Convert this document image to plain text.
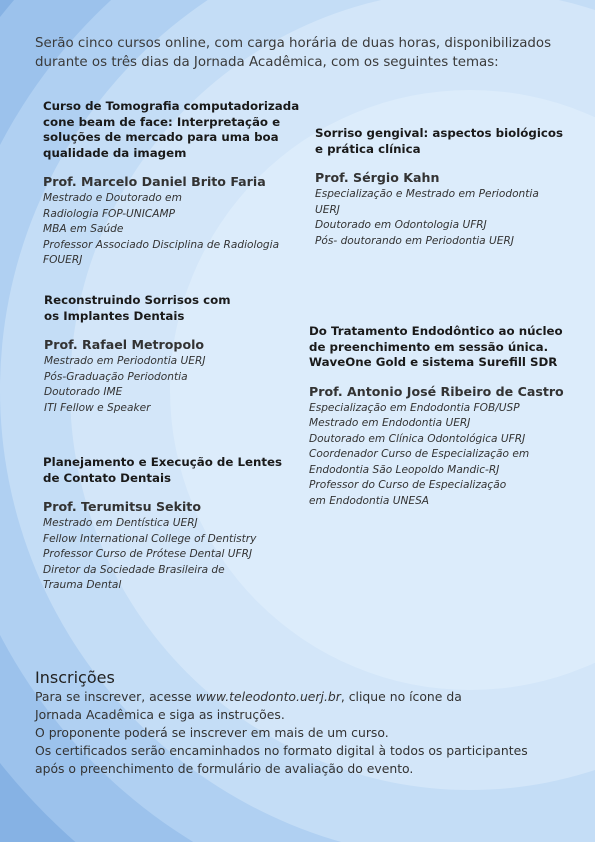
Serão cinco cursos online, com carga horária de duas horas, disponibilizados durante os três dias da Jornada Acadêmica, com os seguintes temas:

Curso de Tomografia computadorizada
cone beam de face: Interpretação e
soluções de mercado para uma boa
qualidade da imagem
Prof. Marcelo Daniel Brito Faria
Mestrado e Doutorado em
Radiologia FOP-UNICAMP
MBA em Saúde
Professor Associado Disciplina de Radiologia
FOUERJ
Sorriso gengival: aspectos biológicos
e prática clínica
Prof. Sérgio Kahn
Especialização e Mestrado em Periodontia
UERJ
Doutorado em Odontologia UFRJ
Pós- doutorando em Periodontia UERJ
Reconstruindo Sorrisos com
os Implantes Dentais
Prof. Rafael Metropolo
Mestrado em Periodontia UERJ
Pós-Graduação Periodontia
Doutorado IME
ITI Fellow e Speaker
Do Tratamento Endodôntico ao núcleo
de preenchimento em sessão única.
WaveOne Gold e sistema Surefill SDR
Prof. Antonio José Ribeiro de Castro
Especialização em Endodontia FOB/USP
Mestrado em Endodontia UERJ
Doutorado em Clínica Odontológica UFRJ
Coordenador Curso de Especialização em
Endodontia São Leopoldo Mandic-RJ
Professor do Curso de Especialização
em Endodontia UNESA
Planejamento e Execução de Lentes
de Contato Dentais
Prof. Terumitsu Sekito
Mestrado em Dentística UERJ
Fellow International College of Dentistry
Professor Curso de Prótese Dental UFRJ
Diretor da Sociedade Brasileira de
Trauma Dental
Inscrições

Para se inscrever, acesse www.teleodonto.uerj.br, clique no ícone da

Jornada Acadêmica e siga as instruções.

O proponente poderá se inscrever em mais de um curso.

Os certificados serão encaminhados no formato digital à todos os participantes

após o preenchimento de formulário de avaliação do evento.
